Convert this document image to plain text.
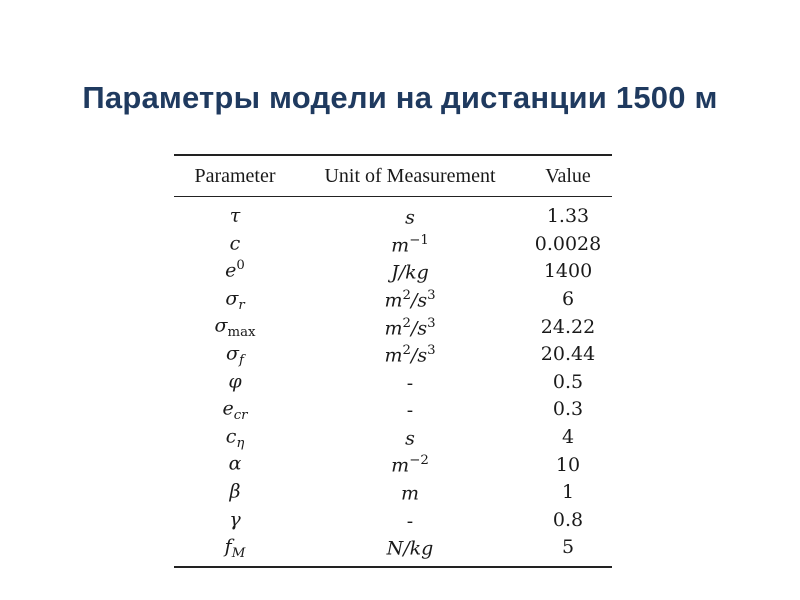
Параметры модели на дистанции 1500 м
Parameter	Unit of Measurement	Value
τ	s	1.33
c	$m^{-1}$	0.0028
$e^0$	J/kg	1400
$\sigma_r$	$m^2/s^3$	6
$\sigma_{max}$	$m^2/s^3$	24.22
$\sigma_f$	$m^2/s^3$	20.44
φ	-	0.5
$e_{cr}$	-	0.3
$c_\eta$	s	4
α	$m^{-2}$	10
β	m	1
γ	-	0.8
$f_M$	N/kg	5
